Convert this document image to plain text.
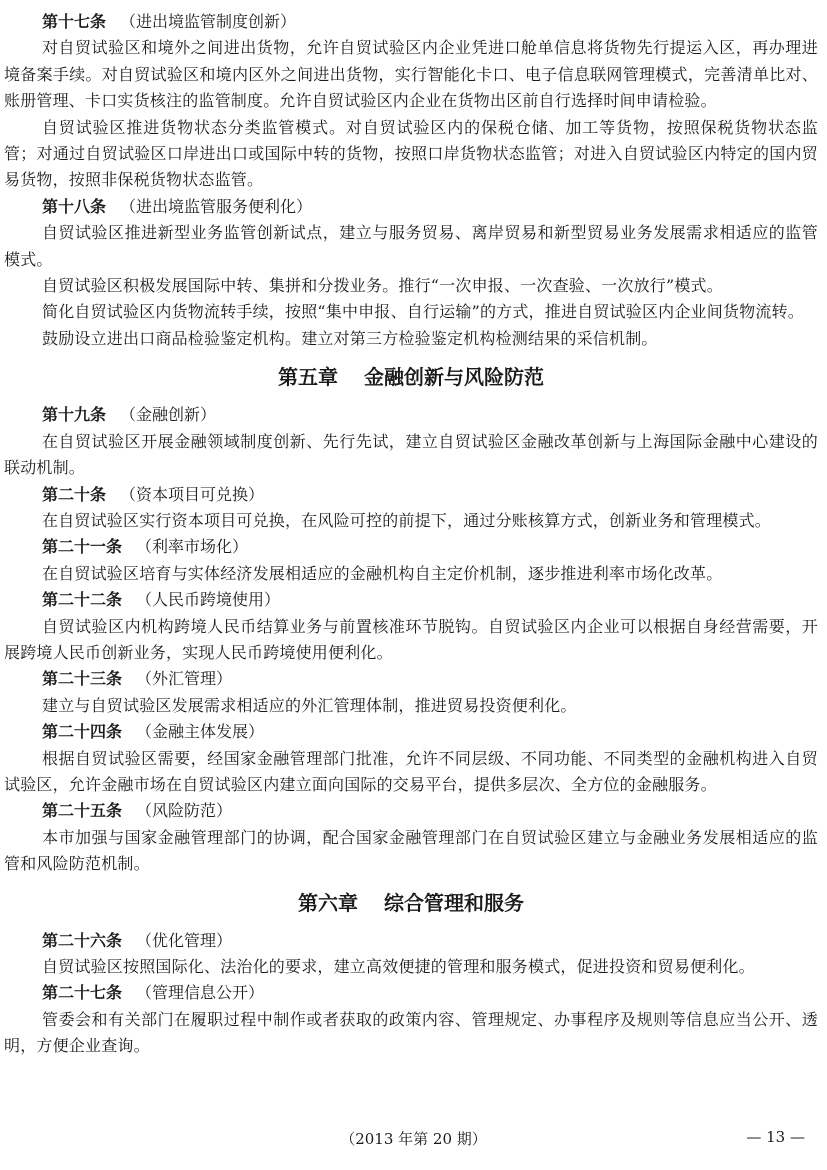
第十七条 （进出境监管制度创新）
对自贸试验区和境外之间进出货物，允许自贸试验区内企业凭进口舱单信息将货物先行提运入区，再办理进境备案手续。对自贸试验区和境内区外之间进出货物，实行智能化卡口、电子信息联网管理模式，完善清单比对、账册管理、卡口实货核注的监管制度。允许自贸试验区内企业在货物出区前自行选择时间申请检验。
自贸试验区推进货物状态分类监管模式。对自贸试验区内的保税仓储、加工等货物，按照保税货物状态监管；对通过自贸试验区口岸进出口或国际中转的货物，按照口岸货物状态监管；对进入自贸试验区内特定的国内贸易货物，按照非保税货物状态监管。
第十八条 （进出境监管服务便利化）
自贸试验区推进新型业务监管创新试点，建立与服务贸易、离岸贸易和新型贸易业务发展需求相适应的监管模式。
自贸试验区积极发展国际中转、集拼和分拨业务。推行“一次申报、一次查验、一次放行”模式。
简化自贸试验区内货物流转手续，按照“集中申报、自行运输”的方式，推进自贸试验区内企业间货物流转。
鼓励设立进出口商品检验鉴定机构。建立对第三方检验鉴定机构检测结果的采信机制。
第五章 金融创新与风险防范
第十九条 （金融创新）
在自贸试验区开展金融领域制度创新、先行先试，建立自贸试验区金融改革创新与上海国际金融中心建设的联动机制。
第二十条 （资本项目可兑换）
在自贸试验区实行资本项目可兑换，在风险可控的前提下，通过分账核算方式，创新业务和管理模式。
第二十一条 （利率市场化）
在自贸试验区培育与实体经济发展相适应的金融机构自主定价机制，逐步推进利率市场化改革。
第二十二条 （人民币跨境使用）
自贸试验区内机构跨境人民币结算业务与前置核准环节脱钩。自贸试验区内企业可以根据自身经营需要，开展跨境人民币创新业务，实现人民币跨境使用便利化。
第二十三条 （外汇管理）
建立与自贸试验区发展需求相适应的外汇管理体制，推进贸易投资便利化。
第二十四条 （金融主体发展）
根据自贸试验区需要，经国家金融管理部门批准，允许不同层级、不同功能、不同类型的金融机构进入自贸试验区，允许金融市场在自贸试验区内建立面向国际的交易平台，提供多层次、全方位的金融服务。
第二十五条 （风险防范）
本市加强与国家金融管理部门的协调，配合国家金融管理部门在自贸试验区建立与金融业务发展相适应的监管和风险防范机制。
第六章 综合管理和服务
第二十六条 （优化管理）
自贸试验区按照国际化、法治化的要求，建立高效便捷的管理和服务模式，促进投资和贸易便利化。
第二十七条 （管理信息公开）
管委会和有关部门在履职过程中制作或者获取的政策内容、管理规定、办事程序及规则等信息应当公开、透明，方便企业查询。
（2013 年第 20 期）	— 13 —
